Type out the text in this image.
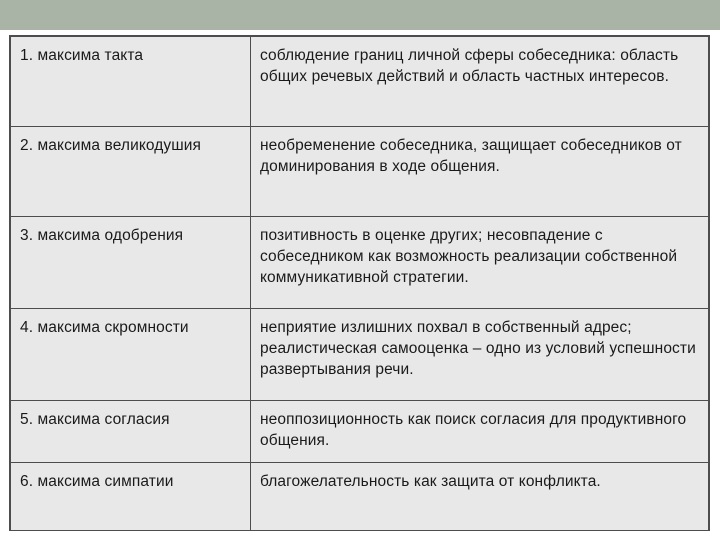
1. максима такта	соблюдение границ личной сферы собеседника: область общих речевых действий и область частных интересов.
2. максима великодушия	необременение собеседника, защищает собеседников от доминирования в ходе общения.
3. максима одобрения	позитивность в оценке других; несовпадение с собеседником как возможность реализации собственной коммуникативной стратегии.
4. максима скромности	неприятие излишних похвал в собственный адрес; реалистическая самооценка – одно из условий успешности развертывания речи.
5. максима согласия	неоппозиционность как поиск согласия для продуктивного общения.
6. максима симпатии	благожелательность как защита от конфликта.
